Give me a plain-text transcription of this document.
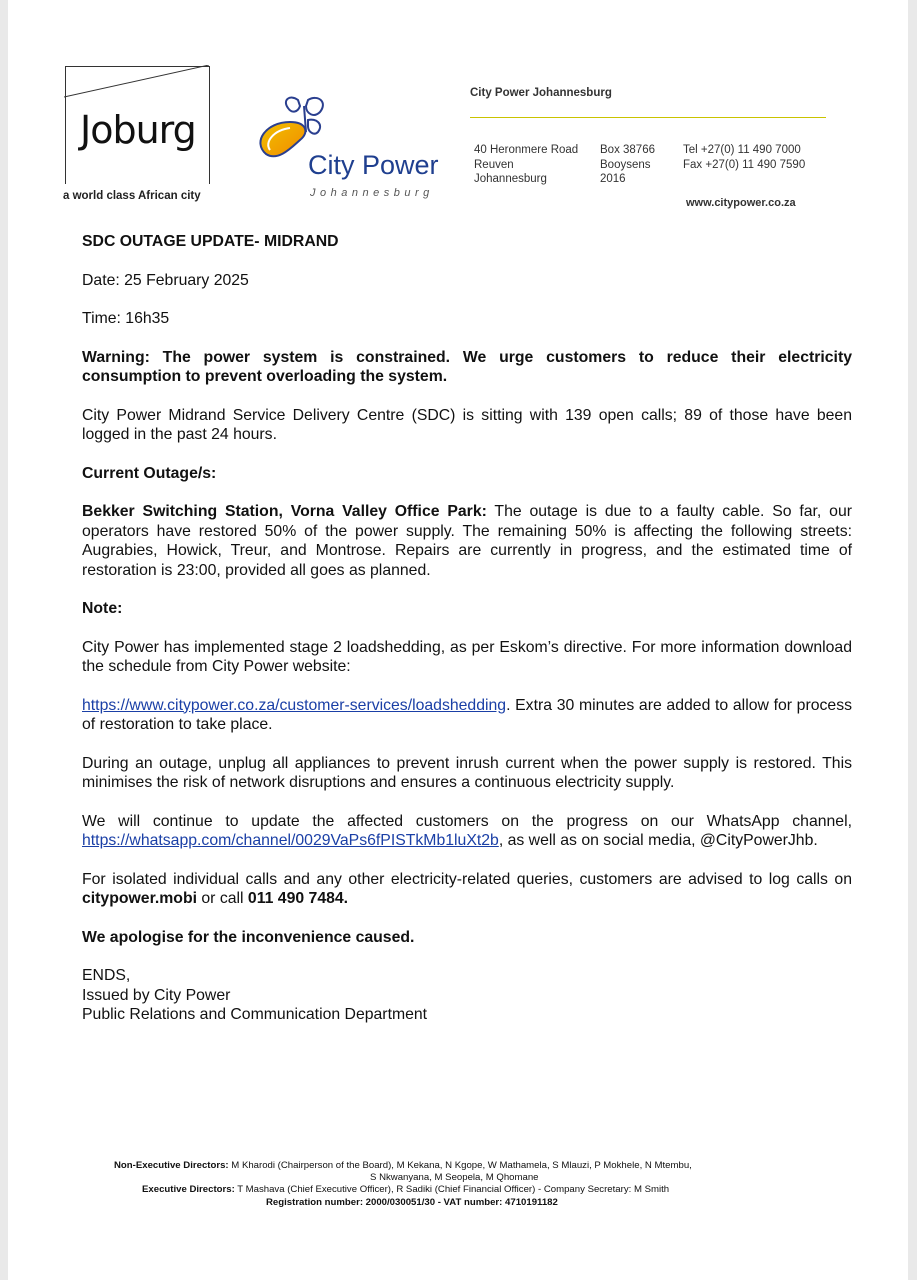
Joburg
a world class African city
City Power
Johannesburg
City Power Johannesburg
40 Heronmere Road
Reuven
Johannesburg
Box 38766
Booysens
2016
Tel +27(0) 11 490 7000
Fax +27(0) 11 490 7590
www.citypower.co.za

SDC OUTAGE UPDATE- MIDRAND

Date: 25 February 2025

Time: 16h35

Warning: The power system is constrained. We urge customers to reduce their electricity consumption to prevent overloading the system.

City Power Midrand Service Delivery Centre (SDC) is sitting with 139 open calls; 89 of those have been logged in the past 24 hours.

Current Outage/s:

Bekker Switching Station, Vorna Valley Office Park: The outage is due to a faulty cable. So far, our operators have restored 50% of the power supply. The remaining 50% is affecting the following streets: Augrabies, Howick, Treur, and Montrose. Repairs are currently in progress, and the estimated time of restoration is 23:00, provided all goes as planned.

Note:

City Power has implemented stage 2 loadshedding, as per Eskom’s directive. For more information download the schedule from City Power website:

https://www.citypower.co.za/customer-services/loadshedding. Extra 30 minutes are added to allow for process of restoration to take place.

During an outage, unplug all appliances to prevent inrush current when the power supply is restored. This minimises the risk of network disruptions and ensures a continuous electricity supply.

We will continue to update the affected customers on the progress on our WhatsApp channel, https://whatsapp.com/channel/0029VaPs6fPISTkMb1luXt2b, as well as on social media, @CityPowerJhb.

For isolated individual calls and any other electricity-related queries, customers are advised to log calls on citypower.mobi or call 011 490 7484.

We apologise for the inconvenience caused.

ENDS,
Issued by City Power
Public Relations and Communication Department
Non-Executive Directors: M Kharodi (Chairperson of the Board), M Kekana, N Kgope, W Mathamela, S Mlauzi, P Mokhele, N Mtembu,
S Nkwanyana, M Seopela, M Qhomane
Executive Directors: T Mashava (Chief Executive Officer), R Sadiki (Chief Financial Officer) - Company Secretary: M Smith
Registration number: 2000/030051/30 - VAT number: 4710191182
